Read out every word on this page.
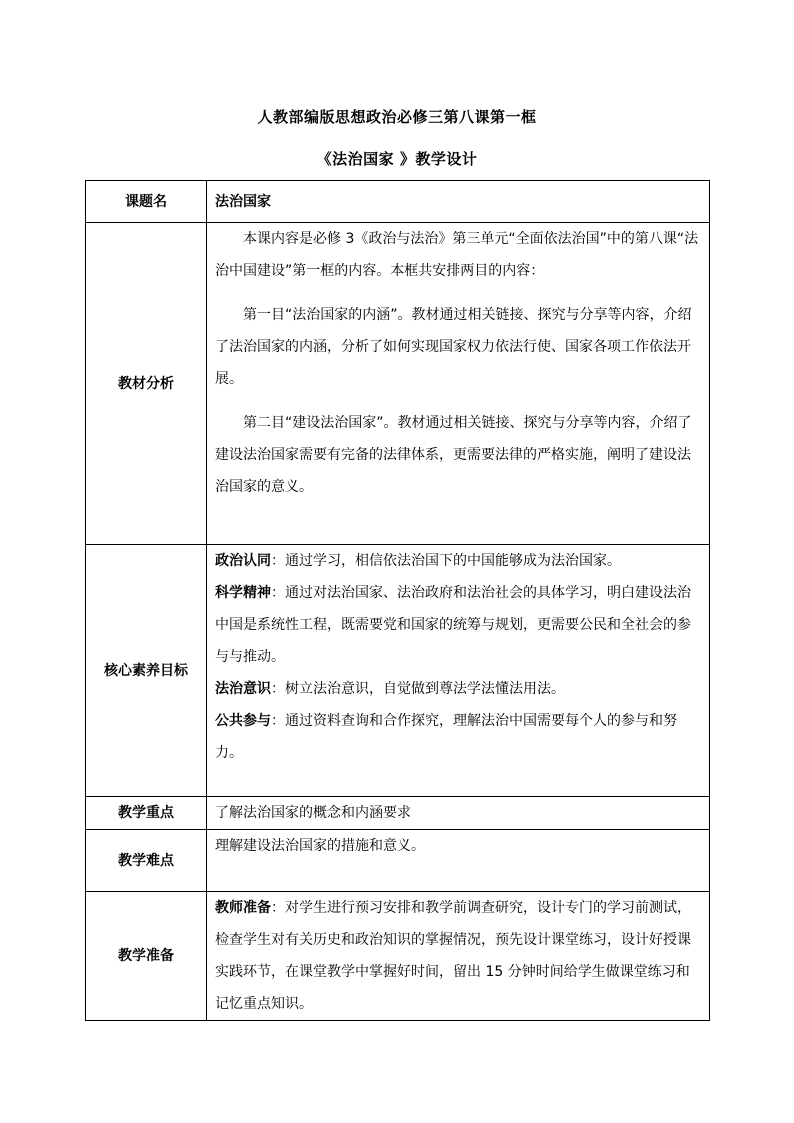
人教部编版思想政治必修三第八课第一框
《法治国家 》教学设计
课题名	法治国家
教材分析	本课内容是必修 3《政治与法治》第三单元“全面依法治国”中的第八课“法治中国建设”第一框的内容。本框共安排两目的内容：

第一目“法治国家的内涵”。教材通过相关链接、探究与分享等内容，介绍了法治国家的内涵，分析了如何实现国家权力依法行使、国家各项工作依法开展。

第二目“建设法治国家”。教材通过相关链接、探究与分享等内容，介绍了建设法治国家需要有完备的法律体系，更需要法律的严格实施，阐明了建设法治国家的意义。

核心素养目标	政治认同：通过学习，相信依法治国下的中国能够成为法治国家。

科学精神：通过对法治国家、法治政府和法治社会的具体学习，明白建设法治中国是系统性工程，既需要党和国家的统筹与规划，更需要公民和全社会的参与与推动。

法治意识：树立法治意识，自觉做到尊法学法懂法用法。

公共参与：通过资料查询和合作探究，理解法治中国需要每个人的参与和努力。

教学重点	了解法治国家的概念和内涵要求
教学难点	理解建设法治国家的措施和意义。
教学准备	教师准备：对学生进行预习安排和教学前调查研究，设计专门的学习前测试，检查学生对有关历史和政治知识的掌握情况，预先设计课堂练习，设计好授课实践环节，在课堂教学中掌握好时间，留出 15 分钟时间给学生做课堂练习和记忆重点知识。
